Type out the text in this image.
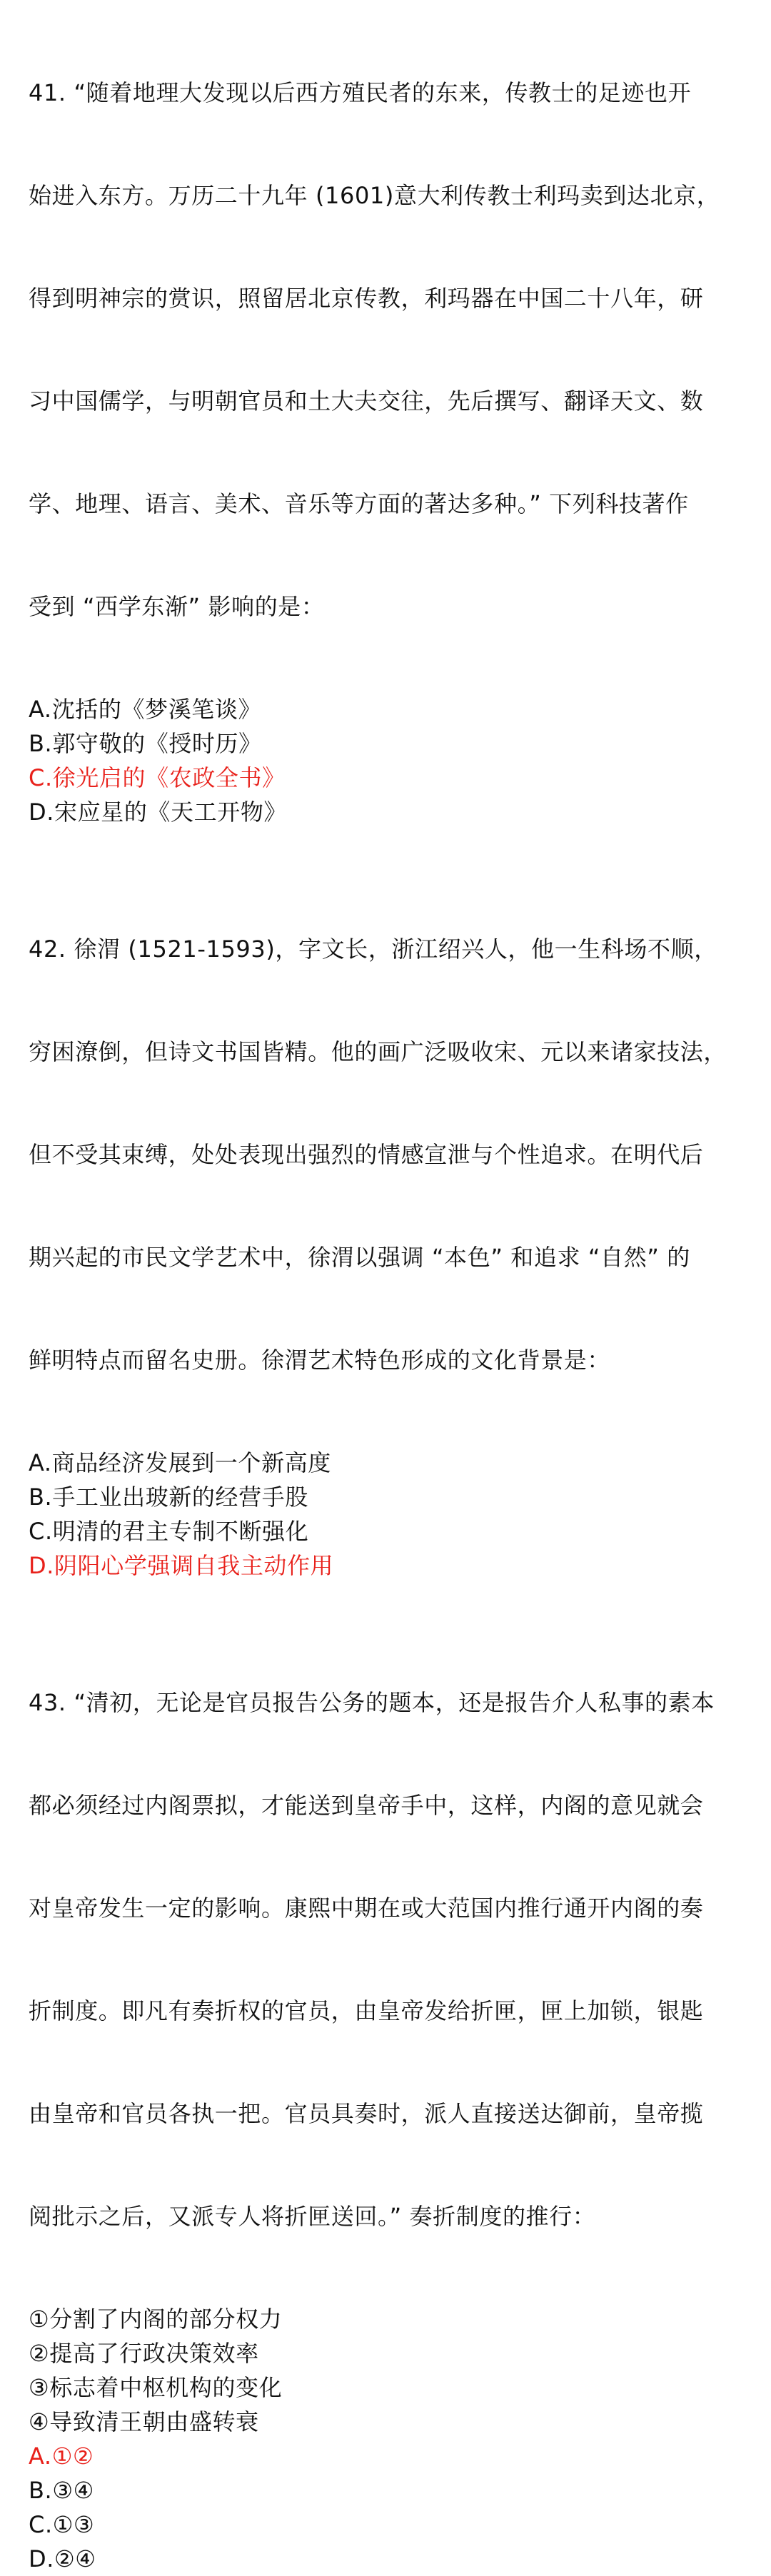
41. “随着地理大发现以后西方殖民者的东来，传教士的足迹也开

始进入东方。万历二十九年 (1601)意大利传教士利玛卖到达北京，

得到明神宗的赏识，照留居北京传教，利玛器在中国二十八年，研

习中国儒学，与明朝官员和土大夫交往，先后撰写、翻译天文、数

学、地理、语言、美术、音乐等方面的著达多种。” 下列科技著作

受到 “西学东渐” 影响的是：

A.沈括的《梦溪笔谈》
B.郭守敬的《授时历》
C.徐光启的《农政全书》
D.宋应星的《天工开物》

42. 徐渭 (1521-1593)，字文长，浙江绍兴人，他一生科场不顺，

穷困潦倒，但诗文书国皆精。他的画广泛吸收宋、元以来诸家技法，

但不受其束缚，处处表现出强烈的情感宣泄与个性追求。在明代后

期兴起的市民文学艺术中，徐渭以强调 “本色” 和追求 “自然” 的

鲜明特点而留名史册。徐渭艺术特色形成的文化背景是：

A.商品经济发展到一个新高度
B.手工业出玻新的经营手股
C.明清的君主专制不断强化
D.阴阳心学强调自我主动作用

43. “清初，无论是官员报告公务的题本，还是报告介人私事的素本

都必须经过内阁票拟，才能送到皇帝手中，这样，内阁的意见就会

对皇帝发生一定的影响。康熙中期在或大范国内推行通开内阁的奏

折制度。即凡有奏折权的官员，由皇帝发给折匣，匣上加锁，银匙

由皇帝和官员各执一把。官员具奏时，派人直接送达御前，皇帝揽

阅批示之后，又派专人将折匣送回。” 奏折制度的推行：

①分割了内阁的部分权力
②提高了行政决策效率
③标志着中枢机构的变化
④导致清王朝由盛转衰
A.①②
B.③④
C.①③
D.②④
